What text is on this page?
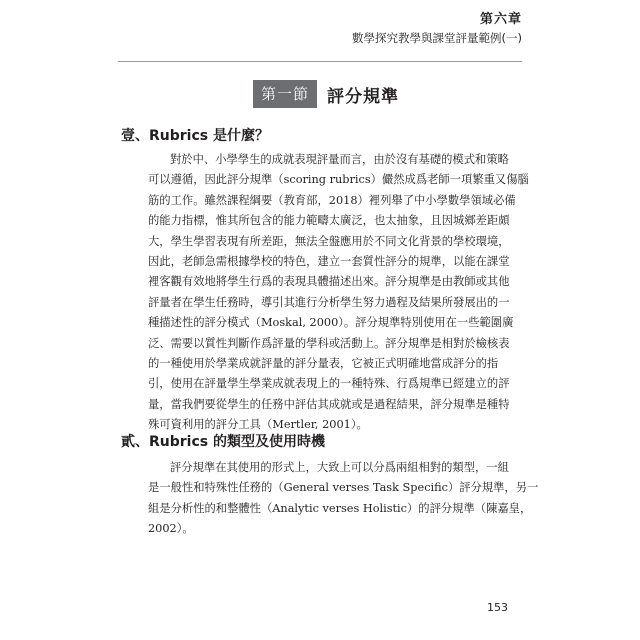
第六章
數學探究教學與課堂評量範例(一)
第一節	評分規準
壹、Rubrics 是什麼？
對於中、小學學生的成就表現評量而言，由於沒有基礎的模式和策略
可以遵循，因此評分規準（scoring rubrics）儼然成爲老師一項繁重又傷腦
筋的工作。雖然課程綱要（教育部，2018）裡列舉了中小學數學領域必備
的能力指標，惟其所包含的能力範疇太廣泛，也太抽象，且因城鄉差距頗
大，學生學習表現有所差距，無法全盤應用於不同文化背景的學校環境，
因此，老師急需根據學校的特色，建立一套質性評分的規準，以能在課堂
裡客觀有效地將學生行爲的表現具體描述出來。評分規準是由教師或其他
評量者在學生任務時，導引其進行分析學生努力過程及結果所發展出的一
種描述性的評分模式（Moskal, 2000）。評分規準特別使用在一些範圍廣
泛、需要以質性判斷作爲評量的學科或活動上。評分規準是相對於檢核表
的一種使用於學業成就評量的評分量表，它被正式明確地當成評分的指
引，使用在評量學生學業成就表現上的一種特殊、行爲規準已經建立的評
量，當我們要從學生的任務中評估其成就或是過程結果，評分規準是種特
殊可資利用的評分工具（Mertler, 2001）。
貳、Rubrics 的類型及使用時機
評分規準在其使用的形式上，大致上可以分爲兩組相對的類型，一組
是一般性和特殊性任務的（General verses Task Specific）評分規準，另一
組是分析性的和整體性（Analytic verses Holistic）的評分規準（陳嘉皇，
2002）。
153
